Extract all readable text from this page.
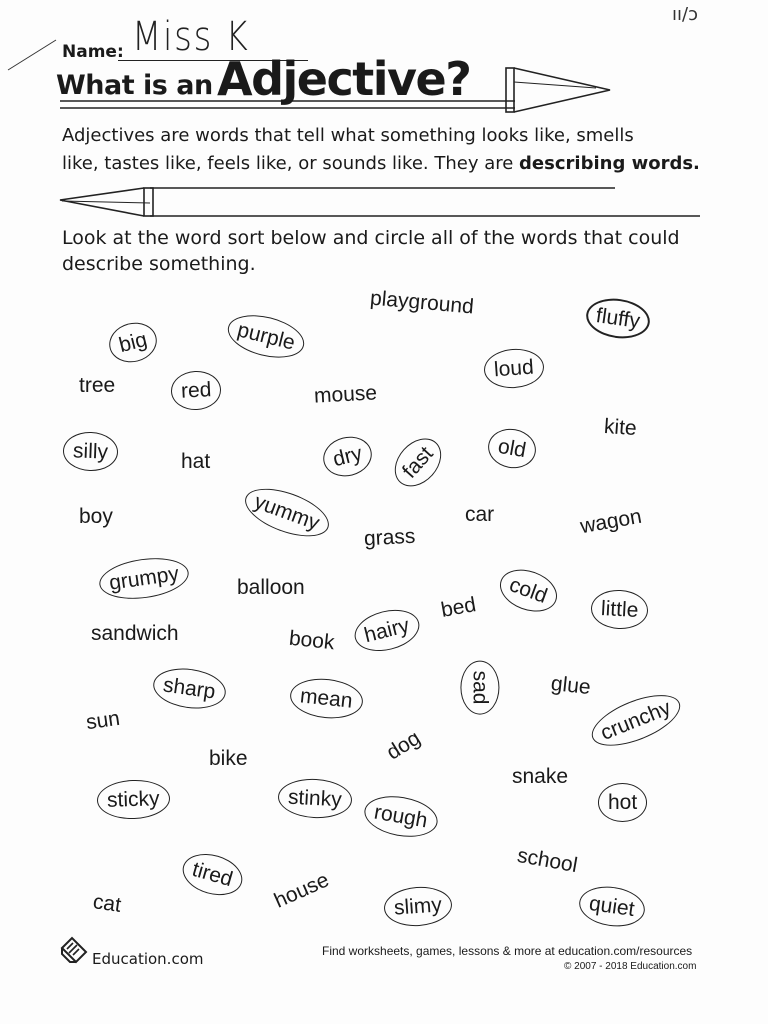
ıı/ɔ
Name: Miss K
What is an Adjective?
Adjectives are words that tell what something looks like, smells
like, tastes like, feels like, or sounds like. They are describing words.
Look at the word sort below and circle all of the words that could describe something.
playground
fluffy
big	purple
loud
tree	red	mouse
kite
silly	hat	dry fast	old
boy	yummy	car	wagon
grass
grumpy	balloon	cold
bed	little
sandwich	book hairy
sad	glue
sharp	mean
sun	crunchy
dog
bike
snake
sticky	stinky
rough	hot
school
tired house
cat	slimy	quiet
Education.com	Find worksheets, games, lessons & more at education.com/resources
© 2007 - 2018 Education.com
